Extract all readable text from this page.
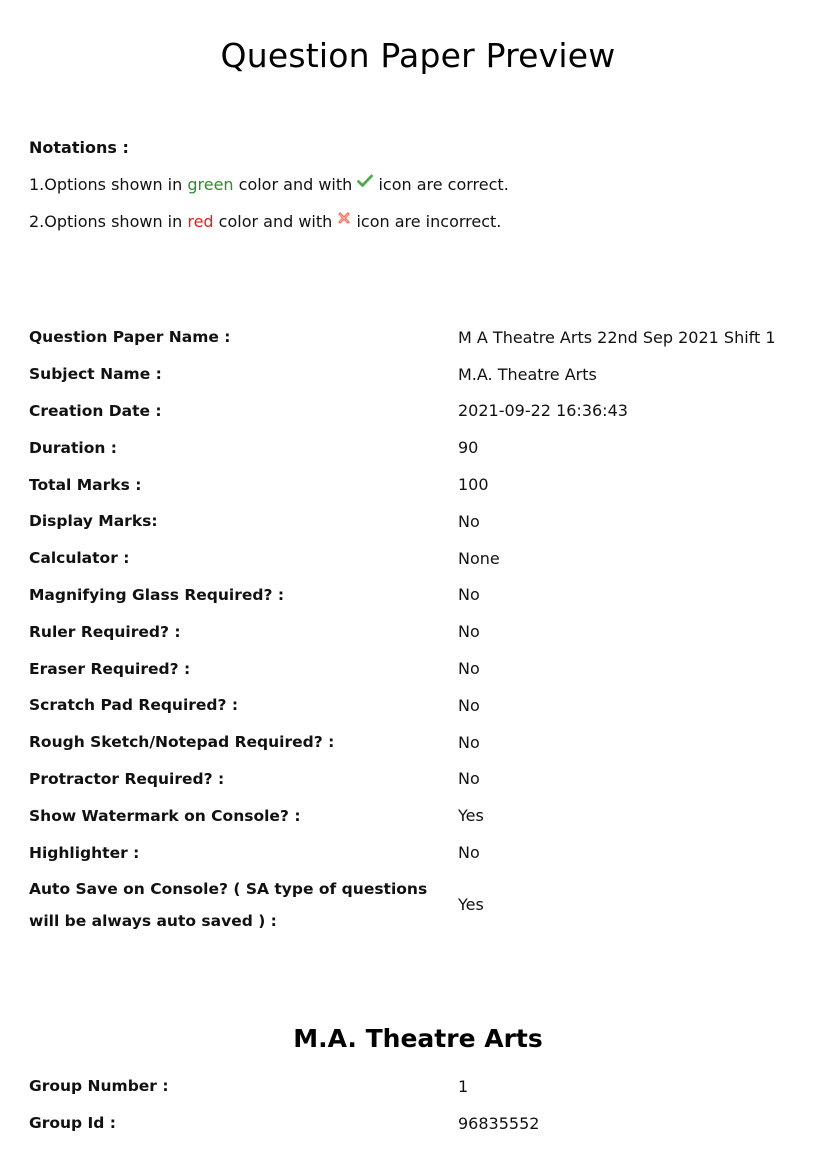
Question Paper Preview
Notations :
1.Options shown in green color and with  icon are correct.
2.Options shown in red color and with  icon are incorrect.
Question Paper Name :	M A Theatre Arts 22nd Sep 2021 Shift 1
Subject Name :	M.A. Theatre Arts
Creation Date :	2021-09-22 16:36:43
Duration :	90
Total Marks :	100
Display Marks:	No
Calculator :	None
Magnifying Glass Required? :	No
Ruler Required? :	No
Eraser Required? :	No
Scratch Pad Required? :	No
Rough Sketch/Notepad Required? :	No
Protractor Required? :	No
Show Watermark on Console? :	Yes
Highlighter :	No
Auto Save on Console? ( SA type of questions will be always auto saved ) :
Yes
M.A. Theatre Arts
Group Number :	1
Group Id :	96835552
